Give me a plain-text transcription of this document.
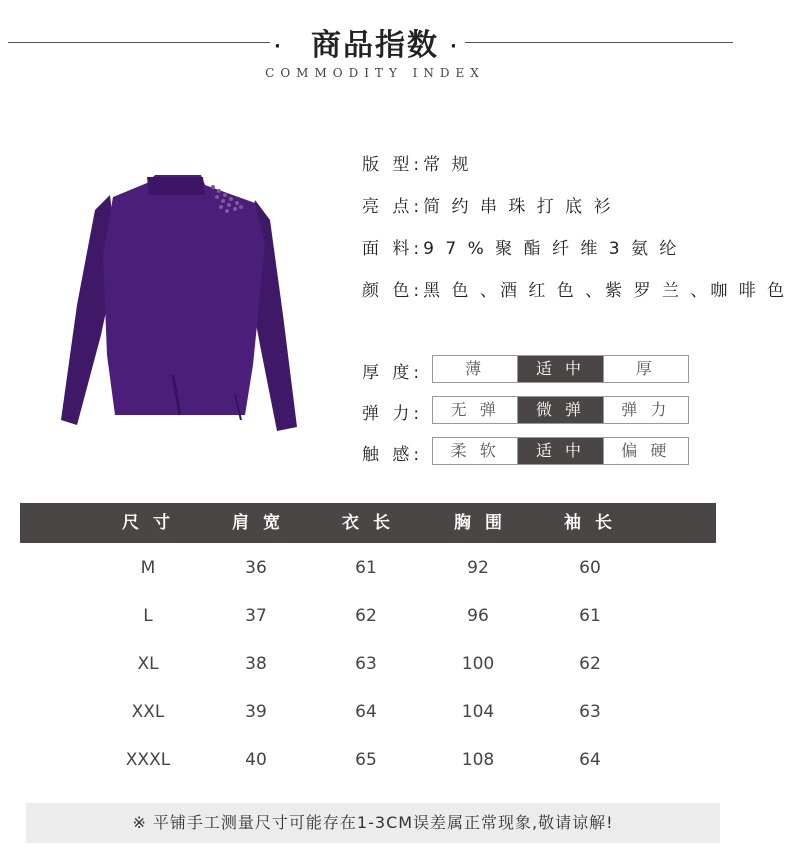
·	商品指数 ·
COMMODITY INDEX
版 型:常 规
亮 点:简 约 串 珠 打 底 衫
面 料:9 7 % 聚 酯 纤 维 3 氨 纶
颜 色:黑 色 、酒 红 色 、紫 罗 兰 、咖 啡 色
厚 度:	薄	适 中	厚
弹 力:	无 弹	微 弹	弹 力
触 感:	柔 软	适 中	偏 硬
尺 寸	肩 宽	衣 长	胸 围	袖 长
M	36	61	92	60
L	37	62	96	61
XL	38	63	100	62
XXL	39	64	104	63
XXXL	40	65	108	64
※ 平铺手工测量尺寸可能存在1-3CM误差属正常现象,敬请谅解!
